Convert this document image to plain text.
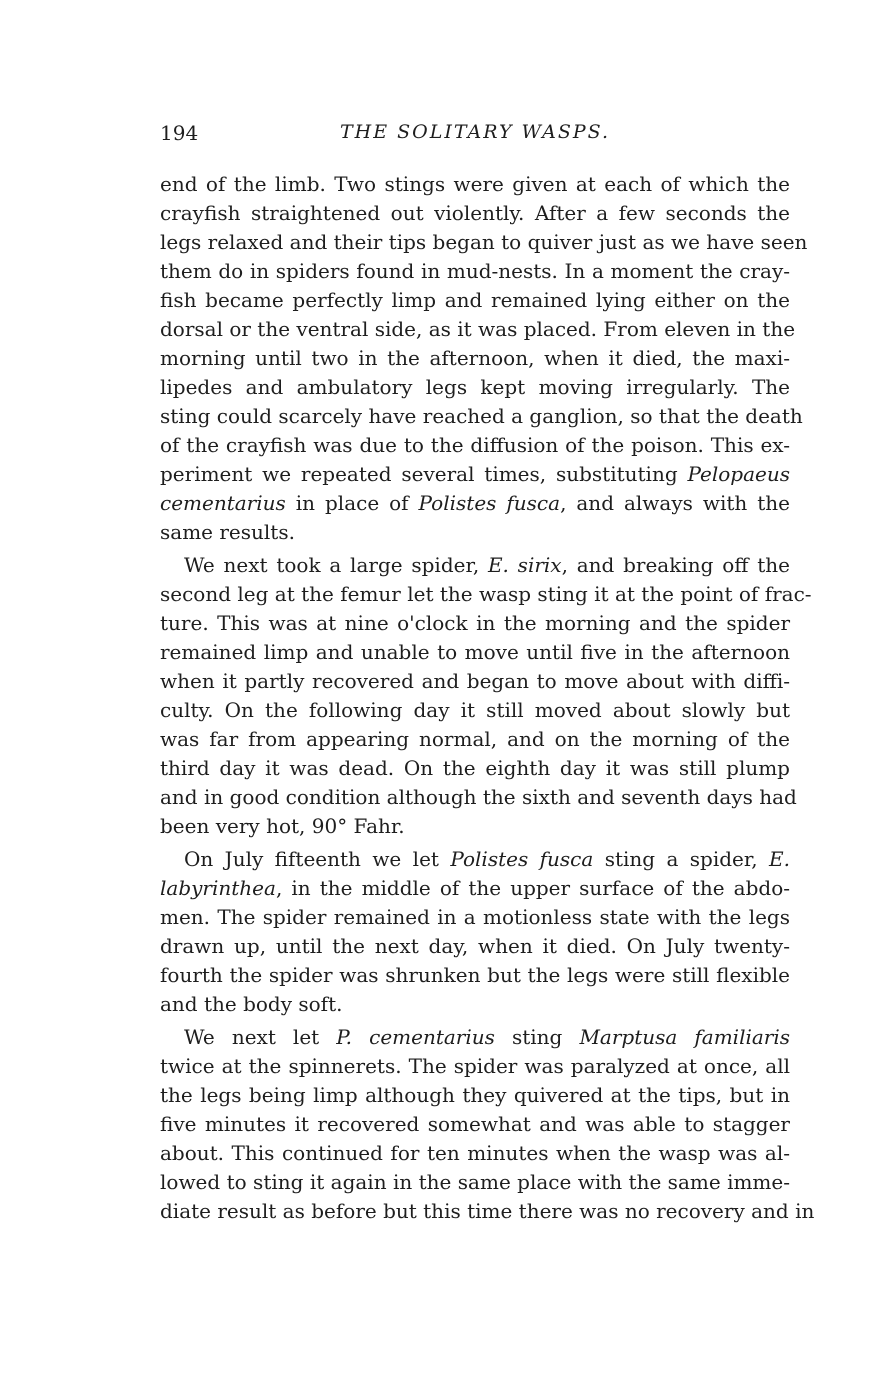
194	THE SOLITARY WASPS.
end of the limb. Two stings were given at each of which the
crayfish straightened out violently. After a few seconds the
legs relaxed and their tips began to quiver just as we have seen
them do in spiders found in mud-nests. In a moment the cray-
fish became perfectly limp and remained lying either on the
dorsal or the ventral side, as it was placed. From eleven in the
morning until two in the afternoon, when it died, the maxi-
lipedes and ambulatory legs kept moving irregularly. The
sting could scarcely have reached a ganglion, so that the death
of the crayfish was due to the diffusion of the poison. This ex-
periment we repeated several times, substituting Pelopaeus
cementarius in place of Polistes fusca, and always with the
same results.
We next took a large spider, E. sirix, and breaking off the
second leg at the femur let the wasp sting it at the point of frac-
ture. This was at nine o'clock in the morning and the spider
remained limp and unable to move until five in the afternoon
when it partly recovered and began to move about with diffi-
culty. On the following day it still moved about slowly but
was far from appearing normal, and on the morning of the
third day it was dead. On the eighth day it was still plump
and in good condition although the sixth and seventh days had
been very hot, 90° Fahr.
On July fifteenth we let Polistes fusca sting a spider, E.
labyrinthea, in the middle of the upper surface of the abdo-
men. The spider remained in a motionless state with the legs
drawn up, until the next day, when it died. On July twenty-
fourth the spider was shrunken but the legs were still flexible
and the body soft.
We next let P. cementarius sting Marptusa familiaris
twice at the spinnerets. The spider was paralyzed at once, all
the legs being limp although they quivered at the tips, but in
five minutes it recovered somewhat and was able to stagger
about. This continued for ten minutes when the wasp was al-
lowed to sting it again in the same place with the same imme-
diate result as before but this time there was no recovery and in
